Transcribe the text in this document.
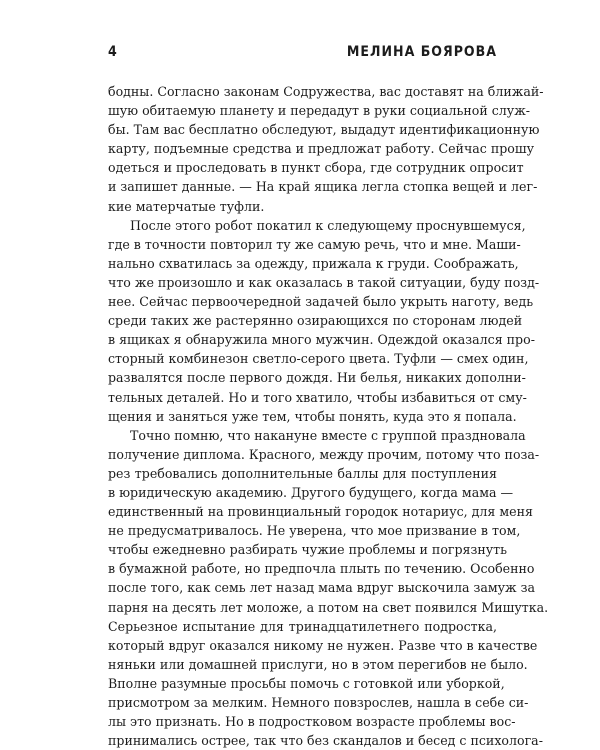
4	МЕЛИНА БОЯРОВА
бодны. Согласно законам Содружества, вас доставят на ближай-
шую обитаемую планету и передадут в руки социальной служ-
бы. Там вас бесплатно обследуют, выдадут идентификационную
карту, подъемные средства и предложат работу. Сейчас прошу
одеться и проследовать в пункт сбора, где сотрудник опросит
и запишет данные. — На край ящика легла стопка вещей и лег-
кие матерчатые туфли.
После этого робот покатил к следующему проснувшемуся,
где в точности повторил ту же самую речь, что и мне. Маши-
нально схватилась за одежду, прижала к груди. Соображать,
что же произошло и как оказалась в такой ситуации, буду позд-
нее. Сейчас первоочередной задачей было укрыть наготу, ведь
среди таких же растерянно озирающихся по сторонам людей
в ящиках я обнаружила много мужчин. Одеждой оказался про-
сторный комбинезон светло-серого цвета. Туфли — смех один,
развалятся после первого дождя. Ни белья, никаких дополни-
тельных деталей. Но и того хватило, чтобы избавиться от сму-
щения и заняться уже тем, чтобы понять, куда это я попала.
Точно помню, что накануне вместе с группой праздновала
получение диплома. Красного, между прочим, потому что поза-
рез требовались дополнительные баллы для поступления
в юридическую академию. Другого будущего, когда мама —
единственный на провинциальный городок нотариус, для меня
не предусматривалось. Не уверена, что мое призвание в том,
чтобы ежедневно разбирать чужие проблемы и погрязнуть
в бумажной работе, но предпочла плыть по течению. Особенно
после того, как семь лет назад мама вдруг выскочила замуж за
парня на десять лет моложе, а потом на свет появился Мишутка.
Серьезное испытание для тринадцатилетнего подростка,
который вдруг оказался никому не нужен. Разве что в качестве
няньки или домашней прислуги, но в этом перегибов не было.
Вполне разумные просьбы помочь с готовкой или уборкой,
присмотром за мелким. Немного повзрослев, нашла в себе си-
лы это признать. Но в подростковом возрасте проблемы вос-
принимались острее, так что без скандалов и бесед с психолога-
